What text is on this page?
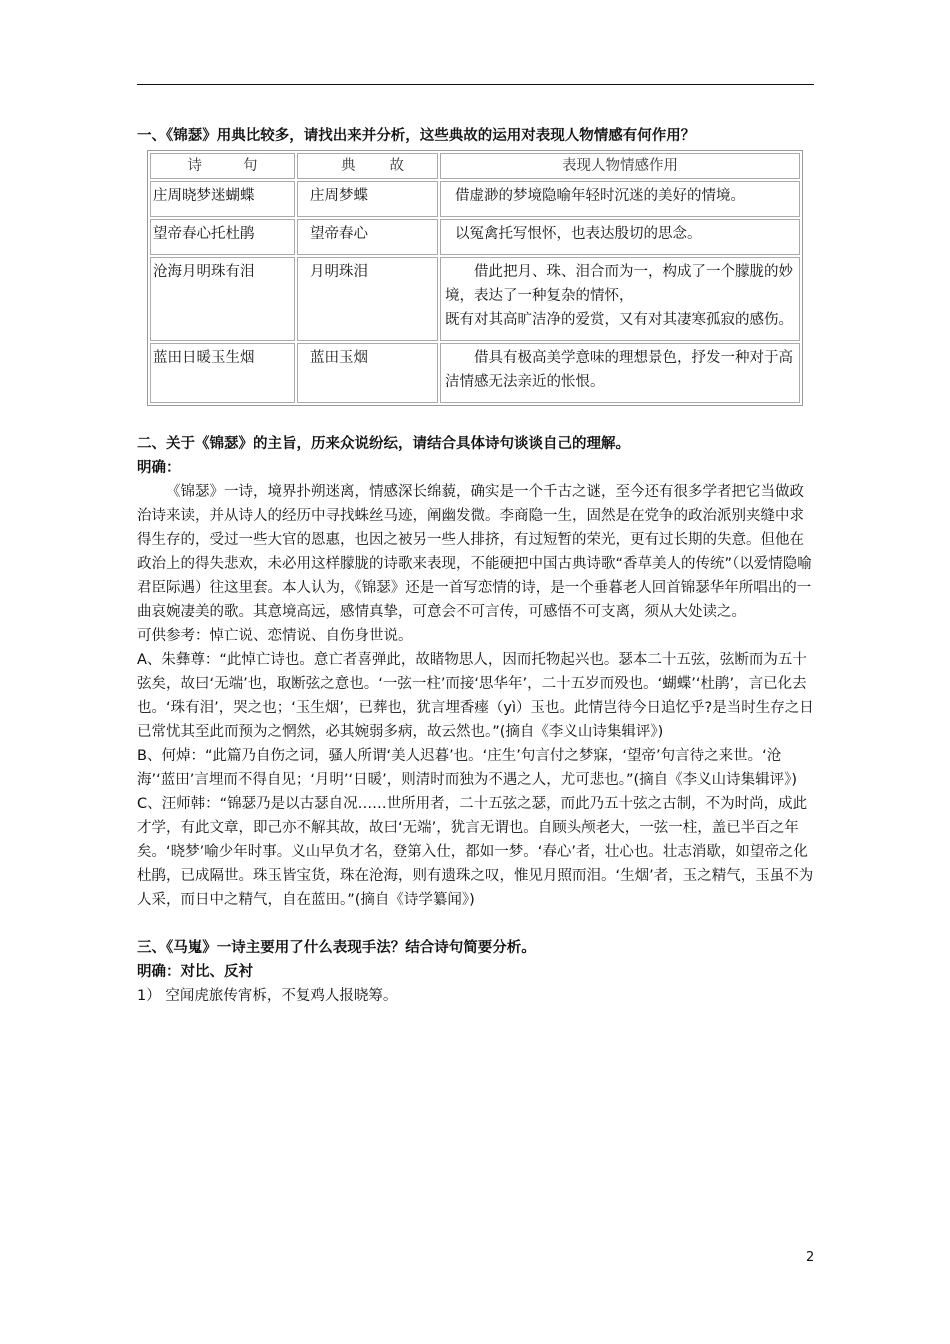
一、《锦瑟》用典比较多，请找出来并分析，这些典故的运用对表现人物情感有何作用？

诗 句	典 故	表现人物情感作用
庄周晓梦迷蝴蝶	庄周梦蝶	借虚渺的梦境隐喻年轻时沉迷的美好的情境。
望帝春心托杜鹃	望帝春心	以冤禽托写恨怀，也表达殷切的思念。
沧海月明珠有泪	月明珠泪	借此把月、珠、泪合而为一，构成了一个朦胧的妙境，表达了一种复杂的情怀，
既有对其高旷洁净的爱赏，又有对其凄寒孤寂的感伤。

蓝田日暖玉生烟	蓝田玉烟	借具有极高美学意味的理想景色，抒发一种对于高洁情感无法亲近的怅恨。

二、关于《锦瑟》的主旨，历来众说纷纭，请结合具体诗句谈谈自己的理解。

明确：

《锦瑟》一诗，境界扑朔迷离，情感深长绵藐，确实是一个千古之谜，至今还有很多学者把它当做政治诗来读，并从诗人的经历中寻找蛛丝马迹，阐幽发微。李商隐一生，固然是在党争的政治派别夹缝中求得生存的，受过一些大官的恩惠，也因之被另一些人排挤，有过短暂的荣光，更有过长期的失意。但他在政治上的得失悲欢，未必用这样朦胧的诗歌来表现，不能硬把中国古典诗歌“香草美人的传统”（以爱情隐喻君臣际遇）往这里套。本人认为，《锦瑟》还是一首写恋情的诗，是一个垂暮老人回首锦瑟华年所唱出的一曲哀婉凄美的歌。其意境高远，感情真挚，可意会不可言传，可感悟不可支离，须从大处读之。

可供参考：悼亡说、恋情说、自伤身世说。

A、朱彝尊：“此悼亡诗也。意亡者喜弹此，故睹物思人，因而托物起兴也。瑟本二十五弦，弦断而为五十弦矣，故曰‘无端’也，取断弦之意也。‘一弦一柱’而接‘思华年’，二十五岁而殁也。‘蝴蝶’‘杜鹃’，言已化去也。‘珠有泪’，哭之也；‘玉生烟’，已葬也，犹言埋香瘗（yì）玉也。此情岂待今日追忆乎?是当时生存之日已常忧其至此而预为之惘然，必其婉弱多病，故云然也。”(摘自《李义山诗集辑评》)

B、何焯：“此篇乃自伤之词，骚人所谓‘美人迟暮’也。‘庄生’句言付之梦寐，‘望帝’句言待之来世。‘沧海’‘蓝田’言埋而不得自见；‘月明’‘日暖’，则清时而独为不遇之人，尤可悲也。”(摘自《李义山诗集辑评》)

C、汪师韩：“锦瑟乃是以古瑟自况……世所用者，二十五弦之瑟，而此乃五十弦之古制，不为时尚，成此才学，有此文章，即己亦不解其故，故曰‘无端’，犹言无谓也。自顾头颅老大，一弦一柱，盖已半百之年矣。‘晓梦’喻少年时事。义山早负才名，登第入仕，都如一梦。‘春心’者，壮心也。壮志消歇，如望帝之化杜鹃，已成隔世。珠玉皆宝货，珠在沧海，则有遗珠之叹，惟见月照而泪。‘生烟’者，玉之精气，玉虽不为人采，而日中之精气，自在蓝田。”(摘自《诗学纂闻》)

三、《马嵬》一诗主要用了什么表现手法？结合诗句简要分析。

明确：对比、反衬

1） 空闻虎旅传宵柝，不复鸡人报晓筹。

2
